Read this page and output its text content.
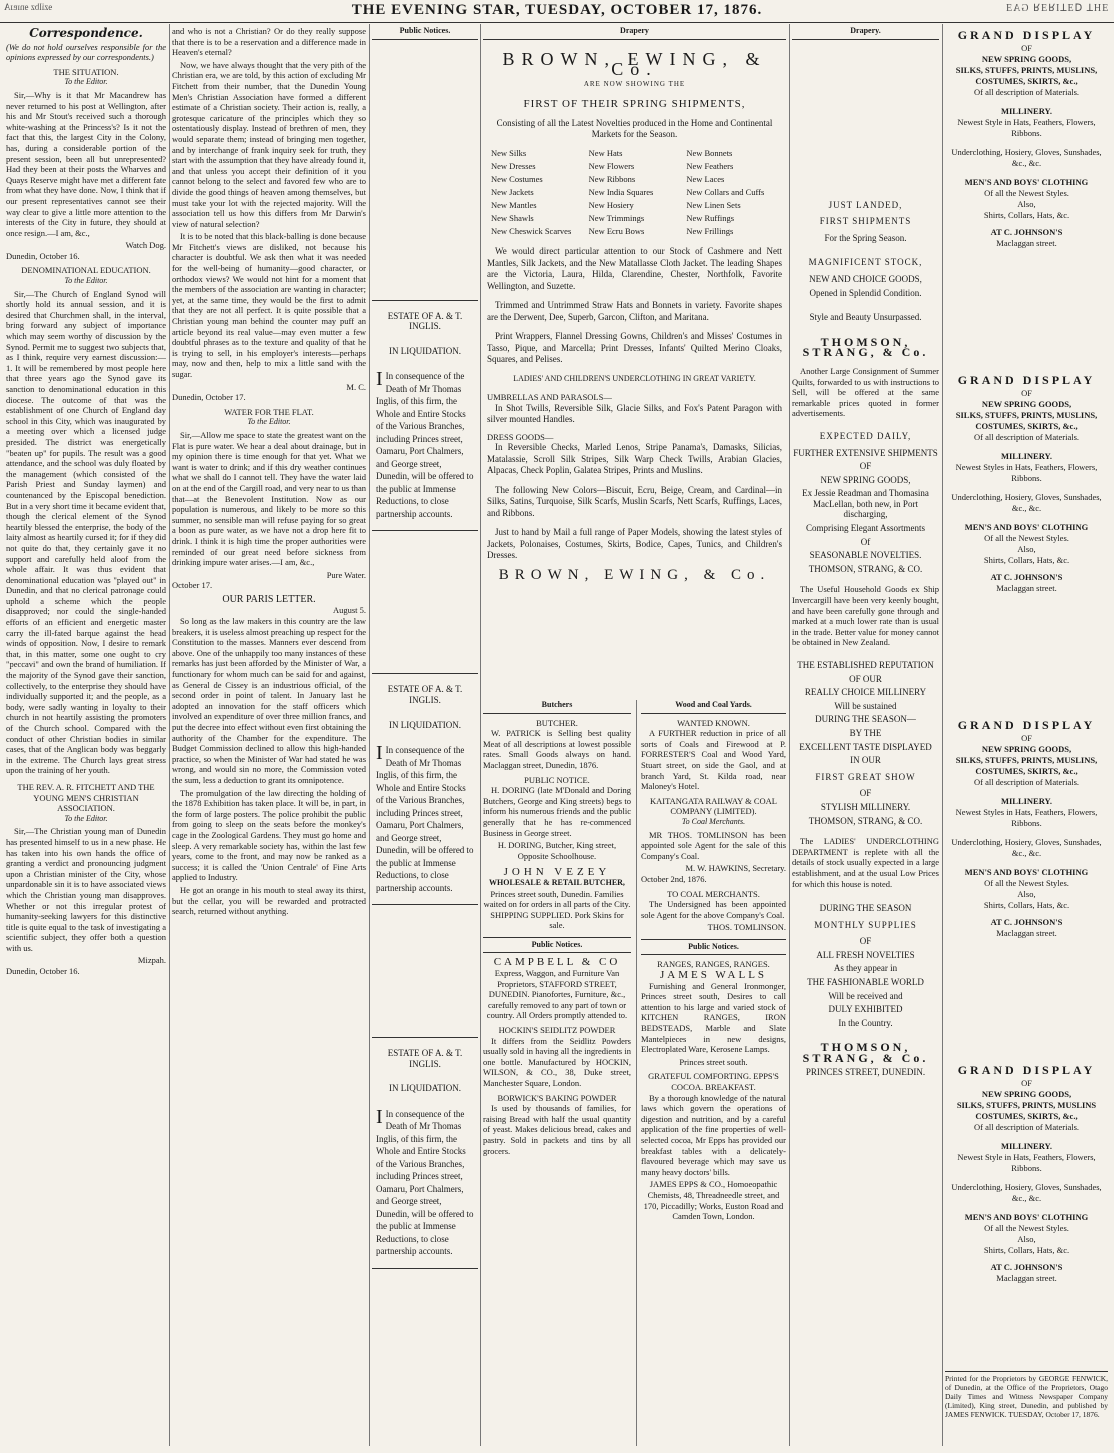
ɘzilbz ɘnıɐɹA	THE EVENING STAR, TUESDAY, OCTOBER 17, 1876.	ƎHꓕ ᗡƎꓕIꓤƎꓤ GAƎ
Correspondence.

(We do not hold ourselves responsible for the opinions expressed by our correspondents.)

THE SITUATION.
To the Editor.

Sir,—Why is it that Mr Macandrew has never returned to his post at Wellington, after his and Mr Stout's received such a thorough white-washing at the Princess's? Is it not the fact that this, the largest City in the Colony, has, during a considerable portion of the present session, been all but unrepresented? Had they been at their posts the Wharves and Quays Reserve might have met a different fate from what they have done. Now, I think that if our present representatives cannot see their way clear to give a little more attention to the interests of the City in future, they should at once resign.—I am, &c.,

Watch Dog.
Dunedin, October 16.
DENOMINATIONAL EDUCATION.
To the Editor.

Sir,—The Church of England Synod will shortly hold its annual session, and it is desired that Churchmen shall, in the interval, bring forward any subject of importance which may seem worthy of discussion by the Synod. Permit me to suggest two subjects that, as I think, require very earnest discussion:— 1. It will be remembered by most people here that three years ago the Synod gave its sanction to denominational education in this diocese. The outcome of that was the establishment of one Church of England day school in this City, which was inaugurated by a meeting over which a licensed judge presided. The district was energetically "beaten up" for pupils. The result was a good attendance, and the school was duly floated by the management (which consisted of the Parish Priest and Sunday laymen) and countenanced by the Episcopal benediction. But in a very short time it became evident that, though the clerical element of the Synod heartily blessed the enterprise, the body of the laity almost as heartily cursed it; for if they did not quite do that, they certainly gave it no support and carefully held aloof from the whole affair. It was thus evident that denominational education was "played out" in Dunedin, and that no clerical patronage could uphold a scheme which the people disapproved; nor could the single-handed efforts of an efficient and energetic master carry the ill-fated barque against the head winds of opposition. Now, I desire to remark that, in this matter, some one ought to cry "peccavi" and own the brand of humiliation. If the majority of the Synod gave their sanction, collectively, to the enterprise they should have individually supported it; and the people, as a body, were sadly wanting in loyalty to their church in not heartily assisting the promoters of the Church school. Compared with the conduct of other Christian bodies in similar cases, that of the Anglican body was beggarly in the extreme. The Church lays great stress upon the training of her youth.

THE REV. A. R. FITCHETT AND THE YOUNG MEN'S CHRISTIAN ASSOCIATION.
To the Editor.

Sir,—The Christian young man of Dunedin has presented himself to us in a new phase. He has taken into his own hands the office of granting a verdict and pronouncing judgment upon a Christian minister of the City, whose unpardonable sin it is to have associated views which the Christian young man disapproves. Whether or not this irregular protest of humanity-seeking lawyers for this distinctive title is quite equal to the task of investigating a scientific subject, they offer both a question with us.

Mizpah.
Dunedin, October 16.

and who is not a Christian? Or do they really suppose that there is to be a reservation and a difference made in Heaven's eternal?

Now, we have always thought that the very pith of the Christian era, we are told, by this action of excluding Mr Fitchett from their number, that the Dunedin Young Men's Christian Association have formed a different estimate of a Christian society. Their action is, really, a grotesque caricature of the principles which they so ostentatiously display. Instead of brethren of men, they would separate them; instead of bringing men together, and by interchange of frank inquiry seek for truth, they start with the assumption that they have already found it, and that unless you accept their definition of it you cannot belong to the select and favored few who are to divide the good things of heaven among themselves, but must take your lot with the rejected majority. Will the association tell us how this differs from Mr Darwin's view of natural selection?

It is to be noted that this black-balling is done because Mr Fitchett's views are disliked, not because his character is doubtful. We ask then what it was needed for the well-being of humanity—good character, or orthodox views? We would not hint for a moment that the members of the association are wanting in character; yet, at the same time, they would be the first to admit that they are not all perfect. It is quite possible that a Christian young man behind the counter may puff an article beyond its real value—may even mutter a few doubtful phrases as to the texture and quality of that he is trying to sell, in his employer's interests—perhaps may, now and then, help to mix a little sand with the sugar.

M. C.
Dunedin, October 17.
WATER FOR THE FLAT.
To the Editor.

Sir,—Allow me space to state the greatest want on the Flat is pure water. We hear a deal about drainage, but in my opinion there is time enough for that yet. What we want is water to drink; and if this dry weather continues what we shall do I cannot tell. They have the water laid on at the end of the Cargill road, and very near to us than that—at the Benevolent Institution. Now as our population is numerous, and likely to be more so this summer, no sensible man will refuse paying for so great a boon as pure water, as we have not a drop here fit to drink. I think it is high time the proper authorities were reminded of our great need before sickness from drinking impure water arises.—I am, &c.,

Pure Water.
October 17.
OUR PARIS LETTER.
August 5.

So long as the law makers in this country are the law breakers, it is useless almost preaching up respect for the Constitution to the masses. Manners ever descend from above. One of the unhappily too many instances of these remarks has just been afforded by the Minister of War, a functionary for whom much can be said for and against, as General de Cissey is an industrious official, of the second order in point of talent. In January last he adopted an innovation for the staff officers which involved an expenditure of over three million francs, and put the decree into effect without even first obtaining the authority of the Chamber for the expenditure. The Budget Commission declined to allow this high-handed practice, so when the Minister of War had stated he was wrong, and would sin no more, the Commission voted the sum, less a deduction to grant its omnipotence.

The promulgation of the law directing the holding of the 1878 Exhibition has taken place. It will be, in part, in the form of large posters. The police prohibit the public from going to sleep on the seats before the monkey's cage in the Zoological Gardens. They must go home and sleep. A very remarkable society has, within the last few years, come to the front, and may now be ranked as a success; it is called the 'Union Centrale' of Fine Arts applied to Industry.

He got an orange in his mouth to steal away its thirst, but the cellar, you will be rewarded and protracted search, returned without anything.

Public Notices.
ESTATE OF A. & T. INGLIS.
IN LIQUIDATION.
I In consequence of the Death of Mr Thomas Inglis, of this firm, the Whole and Entire Stocks of the Various Branches, including Princes street, Oamaru, Port Chalmers, and George street, Dunedin, will be offered to the public at Immense Reductions, to close partnership accounts.
ESTATE OF A. & T. INGLIS.
IN LIQUIDATION.
I In consequence of the Death of Mr Thomas Inglis, of this firm, the Whole and Entire Stocks of the Various Branches, including Princes street, Oamaru, Port Chalmers, and George street, Dunedin, will be offered to the public at Immense Reductions, to close partnership accounts.
ESTATE OF A. & T. INGLIS.
IN LIQUIDATION.
I In consequence of the Death of Mr Thomas Inglis, of this firm, the Whole and Entire Stocks of the Various Branches, including Princes street, Oamaru, Port Chalmers, and George street, Dunedin, will be offered to the public at Immense Reductions, to close partnership accounts.
Drapery
BROWN, EWING, & Co.
ARE NOW SHOWING THE
FIRST OF THEIR SPRING SHIPMENTS,

Consisting of all the Latest Novelties produced in the Home and Continental Markets for the Season.

New Silks
New Dresses
New Costumes
New Jackets
New Mantles
New Shawls
New Cheswick Scarves
New Hats
New Flowers
New Ribbons
New India Squares
New Hosiery
New Trimmings
New Ecru Bows
New Bonnets
New Feathers
New Laces
New Collars and Cuffs
New Linen Sets
New Ruffings
New Frillings

We would direct particular attention to our Stock of Cashmere and Nett Mantles, Silk Jackets, and the New Matallasse Cloth Jacket. The leading Shapes are the Victoria, Laura, Hilda, Clarendine, Chester, Northfolk, Favorite Wellington, and Suzette.

Trimmed and Untrimmed Straw Hats and Bonnets in variety. Favorite shapes are the Derwent, Dee, Superb, Garcon, Clifton, and Maritana.

Print Wrappers, Flannel Dressing Gowns, Children's and Misses' Costumes in Tasso, Pique, and Marcella; Print Dresses, Infants' Quilted Merino Cloaks, Squares, and Pelises.

LADIES' AND CHILDREN'S UNDERCLOTHING IN GREAT VARIETY.
UMBRELLAS AND PARASOLS—

In Shot Twills, Reversible Silk, Glacie Silks, and Fox's Patent Paragon with silver mounted Handles.

DRESS GOODS—

In Reversible Checks, Marled Lenos, Stripe Panama's, Damasks, Silicias, Matalassie, Scroll Silk Stripes, Silk Warp Check Twills, Arabian Glacies, Alpacas, Check Poplin, Galatea Stripes, Prints and Muslins.

The following New Colors—Biscuit, Ecru, Beige, Cream, and Cardinal—in Silks, Satins, Turquoise, Silk Scarfs, Muslin Scarfs, Nett Scarfs, Ruffings, Laces, and Ribbons.

Just to hand by Mail a full range of Paper Models, showing the latest styles of Jackets, Polonaises, Costumes, Skirts, Bodice, Capes, Tunics, and Children's Dresses.

BROWN, EWING, & Co.
Butchers
BUTCHER.

W. PATRICK is Selling best quality Meat of all descriptions at lowest possible rates. Small Goods always on hand. Maclaggan street, Dunedin, 1876.

PUBLIC NOTICE.

H. DORING (late M'Donald and Doring Butchers, George and King streets) begs to inform his numerous friends and the public generally that he has re-commenced Business in George street.

H. DORING, Butcher, King street, Opposite Schoolhouse.
JOHN VEZEY
WHOLESALE & RETAIL BUTCHER,

Princes street south, Dunedin. Families waited on for orders in all parts of the City. SHIPPING SUPPLIED. Pork Skins for sale.

Public Notices.
CAMPBELL & CO

Express, Waggon, and Furniture Van Proprietors, STAFFORD STREET, DUNEDIN. Pianofortes, Furniture, &c., carefully removed to any part of town or country. All Orders promptly attended to.

HOCKIN'S SEIDLITZ POWDER

It differs from the Seidlitz Powders usually sold in having all the ingredients in one bottle. Manufactured by HOCKIN, WILSON, & CO., 38, Duke street, Manchester Square, London.

BORWICK'S BAKING POWDER

Is used by thousands of families, for raising Bread with half the usual quantity of yeast. Makes delicious bread, cakes and pastry. Sold in packets and tins by all grocers.

Wood and Coal Yards.
WANTED KNOWN.

A FURTHER reduction in price of all sorts of Coals and Firewood at P. FORRESTER'S Coal and Wood Yard, Stuart street, on side the Gaol, and at branch Yard, St. Kilda road, near Maloney's Hotel.

KAITANGATA RAILWAY & COAL COMPANY (LIMITED).
To Coal Merchants.

MR THOS. TOMLINSON has been appointed sole Agent for the sale of this Company's Coal.

M. W. HAWKINS, Secretary.
October 2nd, 1876.
TO COAL MERCHANTS.

The Undersigned has been appointed sole Agent for the above Company's Coal.

THOS. TOMLINSON.
Public Notices.
RANGES, RANGES, RANGES.
JAMES WALLS

Furnishing and General Ironmonger, Princes street south, Desires to call attention to his large and varied stock of KITCHEN RANGES, IRON BEDSTEADS, Marble and Slate Mantelpieces in new designs, Electroplated Ware, Kerosene Lamps.

Princes street south.
GRATEFUL COMFORTING. EPPS'S COCOA. BREAKFAST.

By a thorough knowledge of the natural laws which govern the operations of digestion and nutrition, and by a careful application of the fine properties of well-selected cocoa, Mr Epps has provided our breakfast tables with a delicately-flavoured beverage which may save us many heavy doctors' bills.

JAMES EPPS & CO., Homoeopathic Chemists, 48, Threadneedle street, and 170, Piccadilly; Works, Euston Road and Camden Town, London.
Drapery.
JUST LANDED,
FIRST SHIPMENTS
For the Spring Season.
MAGNIFICENT STOCK,
NEW AND CHOICE GOODS,
Opened in Splendid Condition.
Style and Beauty Unsurpassed.
THOMSON, STRANG, & Co.

Another Large Consignment of Summer Quilts, forwarded to us with instructions to Sell, will be offered at the same remarkable prices quoted in former advertisements.

EXPECTED DAILY,
FURTHER EXTENSIVE SHIPMENTS
OF
NEW SPRING GOODS,
Ex Jessie Readman and Thomasina MacLellan, both new, in Port discharging,
Comprising Elegant Assortments
Of
SEASONABLE NOVELTIES.
THOMSON, STRANG, & CO.

The Useful Household Goods ex Ship Invercargill have been very keenly bought, and have been carefully gone through and marked at a much lower rate than is usual in the trade. Better value for money cannot be obtained in New Zealand.

THE ESTABLISHED REPUTATION
OF OUR
REALLY CHOICE MILLINERY
Will be sustained
DURING THE SEASON—
BY THE
EXCELLENT TASTE DISPLAYED
IN OUR
FIRST GREAT SHOW
OF
STYLISH MILLINERY.
THOMSON, STRANG, & CO.

The LADIES' UNDERCLOTHING DEPARTMENT is replete with all the details of stock usually expected in a large establishment, and at the usual Low Prices for which this house is noted.

DURING THE SEASON
MONTHLY SUPPLIES
OF
ALL FRESH NOVELTIES
As they appear in
THE FASHIONABLE WORLD
Will be received and
DULY EXHIBITED
In the Country.
THOMSON, STRANG, & Co.
PRINCES STREET, DUNEDIN.
GRAND DISPLAY
OF
NEW SPRING GOODS,
SILKS, STUFFS, PRINTS, MUSLINS, COSTUMES, SKIRTS, &c.,
Of all description of Materials.
MILLINERY.
Newest Style in Hats, Feathers, Flowers, Ribbons.
Underclothing, Hosiery, Gloves, Sunshades, &c., &c.
MEN'S AND BOYS' CLOTHING
Of all the Newest Styles.
Also,
Shirts, Collars, Hats, &c.
AT C. JOHNSON'S
Maclaggan street.
GRAND DISPLAY
OF
NEW SPRING GOODS,
SILKS, STUFFS, PRINTS, MUSLINS, COSTUMES, SKIRTS, &c.,
Of all description of Materials.
MILLINERY.
Newest Styles in Hats, Feathers, Flowers, Ribbons.
Underclothing, Hosiery, Gloves, Sunshades, &c., &c.
MEN'S AND BOYS' CLOTHING
Of all the Newest Styles.
Also,
Shirts, Collars, Hats, &c.
AT C. JOHNSON'S
Maclaggan street.
GRAND DISPLAY
OF
NEW SPRING GOODS,
SILKS, STUFFS, PRINTS, MUSLINS, COSTUMES, SKIRTS, &c.,
Of all description of Materials.
MILLINERY.
Newest Styles in Hats, Feathers, Flowers, Ribbons.
Underclothing, Hosiery, Gloves, Sunshades, &c., &c.
MEN'S AND BOYS' CLOTHING
Of all the Newest Styles.
Also,
Shirts, Collars, Hats, &c.
AT C. JOHNSON'S
Maclaggan street.
GRAND DISPLAY
OF
NEW SPRING GOODS,
SILKS, STUFFS, PRINTS, MUSLINS COSTUMES, SKIRTS, &c.,
Of all description of Materials.
MILLINERY.
Newest Style in Hats, Feathers, Flowers, Ribbons.
Underclothing, Hosiery, Gloves, Sunshades, &c., &c.
MEN'S AND BOYS' CLOTHING
Of all the Newest Styles.
Also,
Shirts, Collars, Hats, &c.
AT C. JOHNSON'S
Maclaggan street.

Printed for the Proprietors by GEORGE FENWICK, of Dunedin, at the Office of the Proprietors, Otago Daily Times and Witness Newspaper Company (Limited), King street, Dunedin, and published by JAMES FENWICK. TUESDAY, October 17, 1876.
